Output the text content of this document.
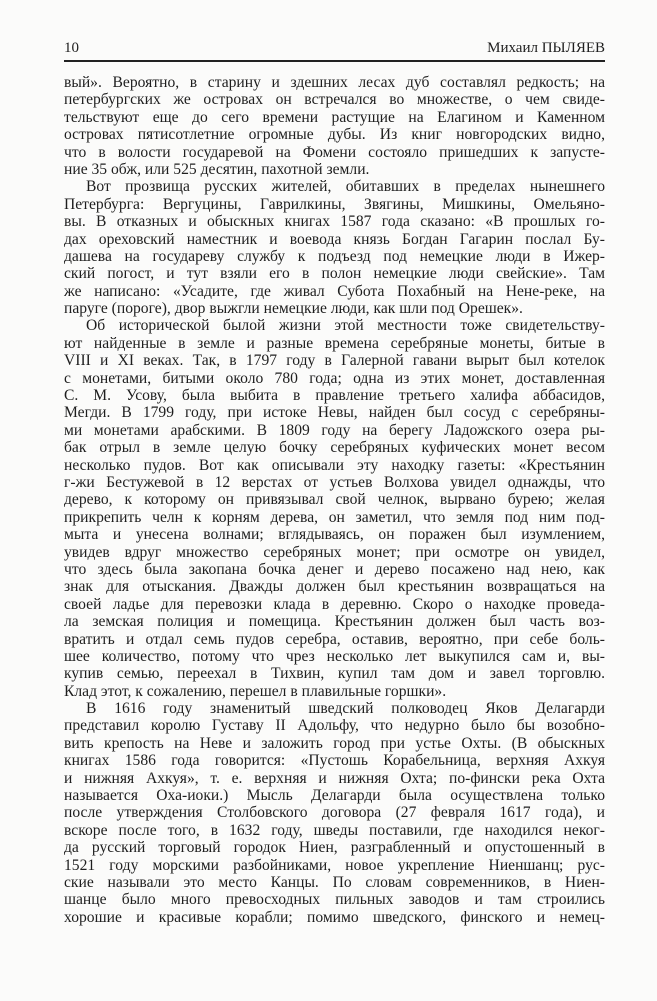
10	Михаил ПЫЛЯЕВ
вый». Вероятно, в старину и здешних лесах дуб составлял редкость; на
петербургских же островах он встречался во множестве, о чем свиде-
тельствуют еще до сего времени растущие на Елагином и Каменном
островах пятисотлетние огромные дубы. Из книг новгородских видно,
что в волости государевой на Фомени состояло пришедших к запусте-
ние 35 обж, или 525 десятин, пахотной земли.
Вот прозвища русских жителей, обитавших в пределах нынешнего
Петербурга: Вергуцины, Гаврилкины, Звягины, Мишкины, Омельяно-
вы. В отказных и обыскных книгах 1587 года сказано: «В прошлых го-
дах ореховский наместник и воевода князь Богдан Гагарин послал Бу-
дашева на государеву службу к подъезд под немецкие люди в Ижер-
ский погост, и тут взяли его в полон немецкие люди свейские». Там
же написано: «Усадите, где живал Субота Похабный на Нене-реке, на
паруге (пороге), двор выжгли немецкие люди, как шли под Орешек».
Об исторической былой жизни этой местности тоже свидетельству-
ют найденные в земле и разные времена серебряные монеты, битые в
VIII и XI веках. Так, в 1797 году в Галерной гавани вырыт был котелок
с монетами, битыми около 780 года; одна из этих монет, доставленная
С. М. Усову, была выбита в правление третьего халифа аббасидов,
Мегди. В 1799 году, при истоке Невы, найден был сосуд с серебряны-
ми монетами арабскими. В 1809 году на берегу Ладожского озера ры-
бак отрыл в земле целую бочку серебряных куфических монет весом
несколько пудов. Вот как описывали эту находку газеты: «Крестьянин
г-жи Бестужевой в 12 верстах от устьев Волхова увидел однажды, что
дерево, к которому он привязывал свой челнок, вырвано бурею; желая
прикрепить челн к корням дерева, он заметил, что земля под ним под-
мыта и унесена волнами; вглядываясь, он поражен был изумлением,
увидев вдруг множество серебряных монет; при осмотре он увидел,
что здесь была закопана бочка денег и дерево посажено над нею, как
знак для отыскания. Дважды должен был крестьянин возвращаться на
своей ладье для перевозки клада в деревню. Скоро о находке проведа-
ла земская полиция и помещица. Крестьянин должен был часть воз-
вратить и отдал семь пудов серебра, оставив, вероятно, при себе боль-
шее количество, потому что чрез несколько лет выкупился сам и, вы-
купив семью, переехал в Тихвин, купил там дом и завел торговлю.
Клад этот, к сожалению, перешел в плавильные горшки».
В 1616 году знаменитый шведский полководец Яков Делагарди
представил королю Густаву II Адольфу, что недурно было бы возобно-
вить крепость на Неве и заложить город при устье Охты. (В обыскных
книгах 1586 года говорится: «Пустошь Корабельница, верхняя Ахкуя
и нижняя Ахкуя», т. е. верхняя и нижняя Охта; по-фински река Охта
называется Оха-иоки.) Мысль Делагарди была осуществлена только
после утверждения Столбовского договора (27 февраля 1617 года), и
вскоре после того, в 1632 году, шведы поставили, где находился неког-
да русский торговый городок Ниен, разграбленный и опустошенный в
1521 году морскими разбойниками, новое укрепление Ниеншанц; рус-
ские называли это место Канцы. По словам современников, в Ниен-
шанце было много превосходных пильных заводов и там строились
хорошие и красивые корабли; помимо шведского, финского и немец-
